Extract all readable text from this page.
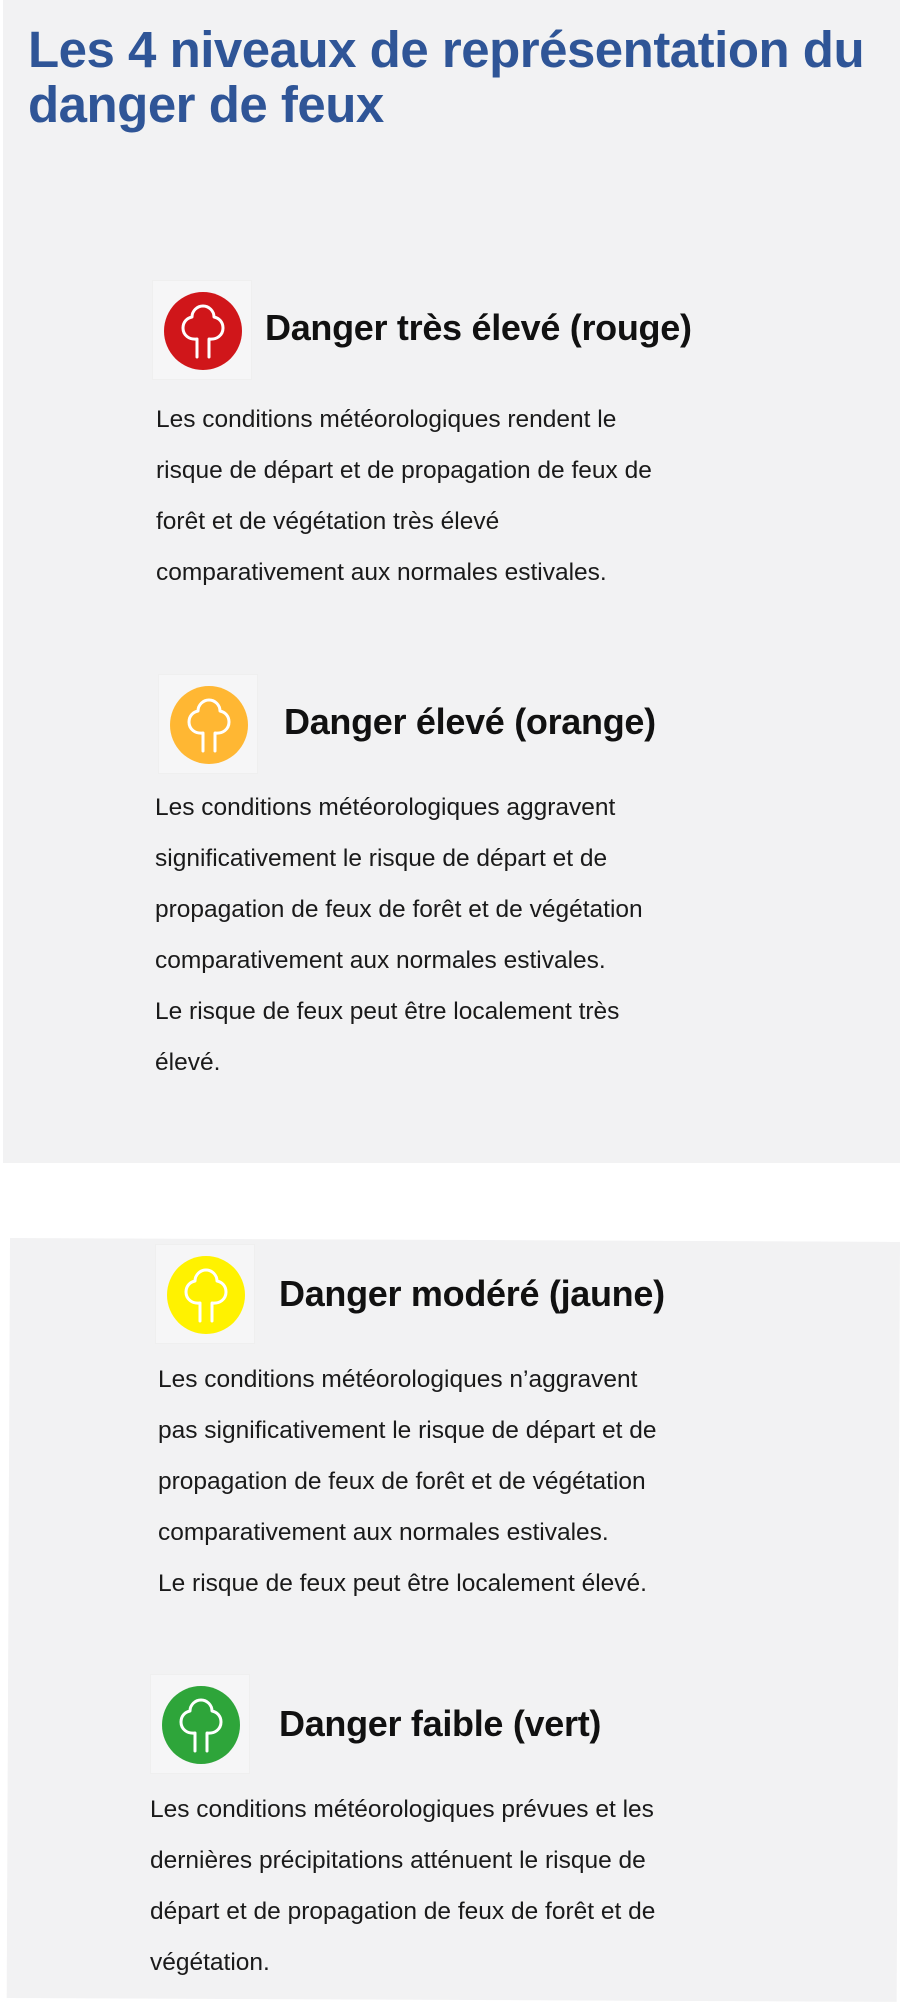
Les 4 niveaux de représentation du danger de feux
Danger très élevé (rouge)

Les conditions météorologiques rendent le
risque de départ et de propagation de feux de
forêt et de végétation très élevé
comparativement aux normales estivales.

Danger élevé (orange)

Les conditions météorologiques aggravent
significativement le risque de départ et de
propagation de feux de forêt et de végétation
comparativement aux normales estivales.
Le risque de feux peut être localement très
élevé.

Danger modéré (jaune)

Les conditions météorologiques n’aggravent
pas significativement le risque de départ et de
propagation de feux de forêt et de végétation
comparativement aux normales estivales.
Le risque de feux peut être localement élevé.

Danger faible (vert)

Les conditions météorologiques prévues et les
dernières précipitations atténuent le risque de
départ et de propagation de feux de forêt et de
végétation.
